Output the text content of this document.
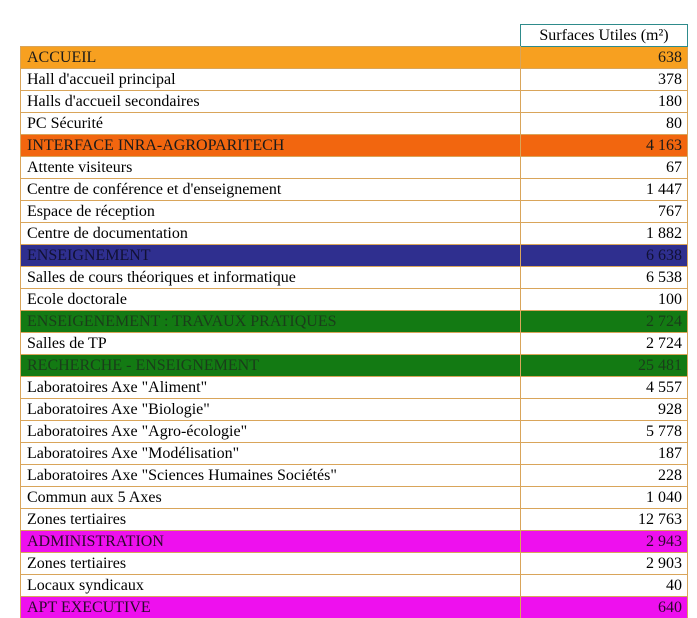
	Surfaces Utiles (m²)
ACCUEIL	638
Hall d'accueil principal	378
Halls d'accueil secondaires	180
PC Sécurité	80
INTERFACE INRA-AGROPARITECH	4 163
Attente visiteurs	67
Centre de conférence et d'enseignement	1 447
Espace de réception	767
Centre de documentation	1 882
ENSEIGNEMENT	6 638
Salles de cours théoriques et informatique	6 538
Ecole doctorale	100
ENSEIGENEMENT : TRAVAUX PRATIQUES	2 724
Salles de TP	2 724
RECHERCHE - ENSEIGNEMENT	25 481
Laboratoires Axe "Aliment"	4 557
Laboratoires Axe "Biologie"	928
Laboratoires Axe "Agro-écologie"	5 778
Laboratoires Axe "Modélisation"	187
Laboratoires Axe "Sciences Humaines Sociétés"	228
Commun aux 5 Axes	1 040
Zones tertiaires	12 763
ADMINISTRATION	2 943
Zones tertiaires	2 903
Locaux syndicaux	40
APT EXECUTIVE	640
